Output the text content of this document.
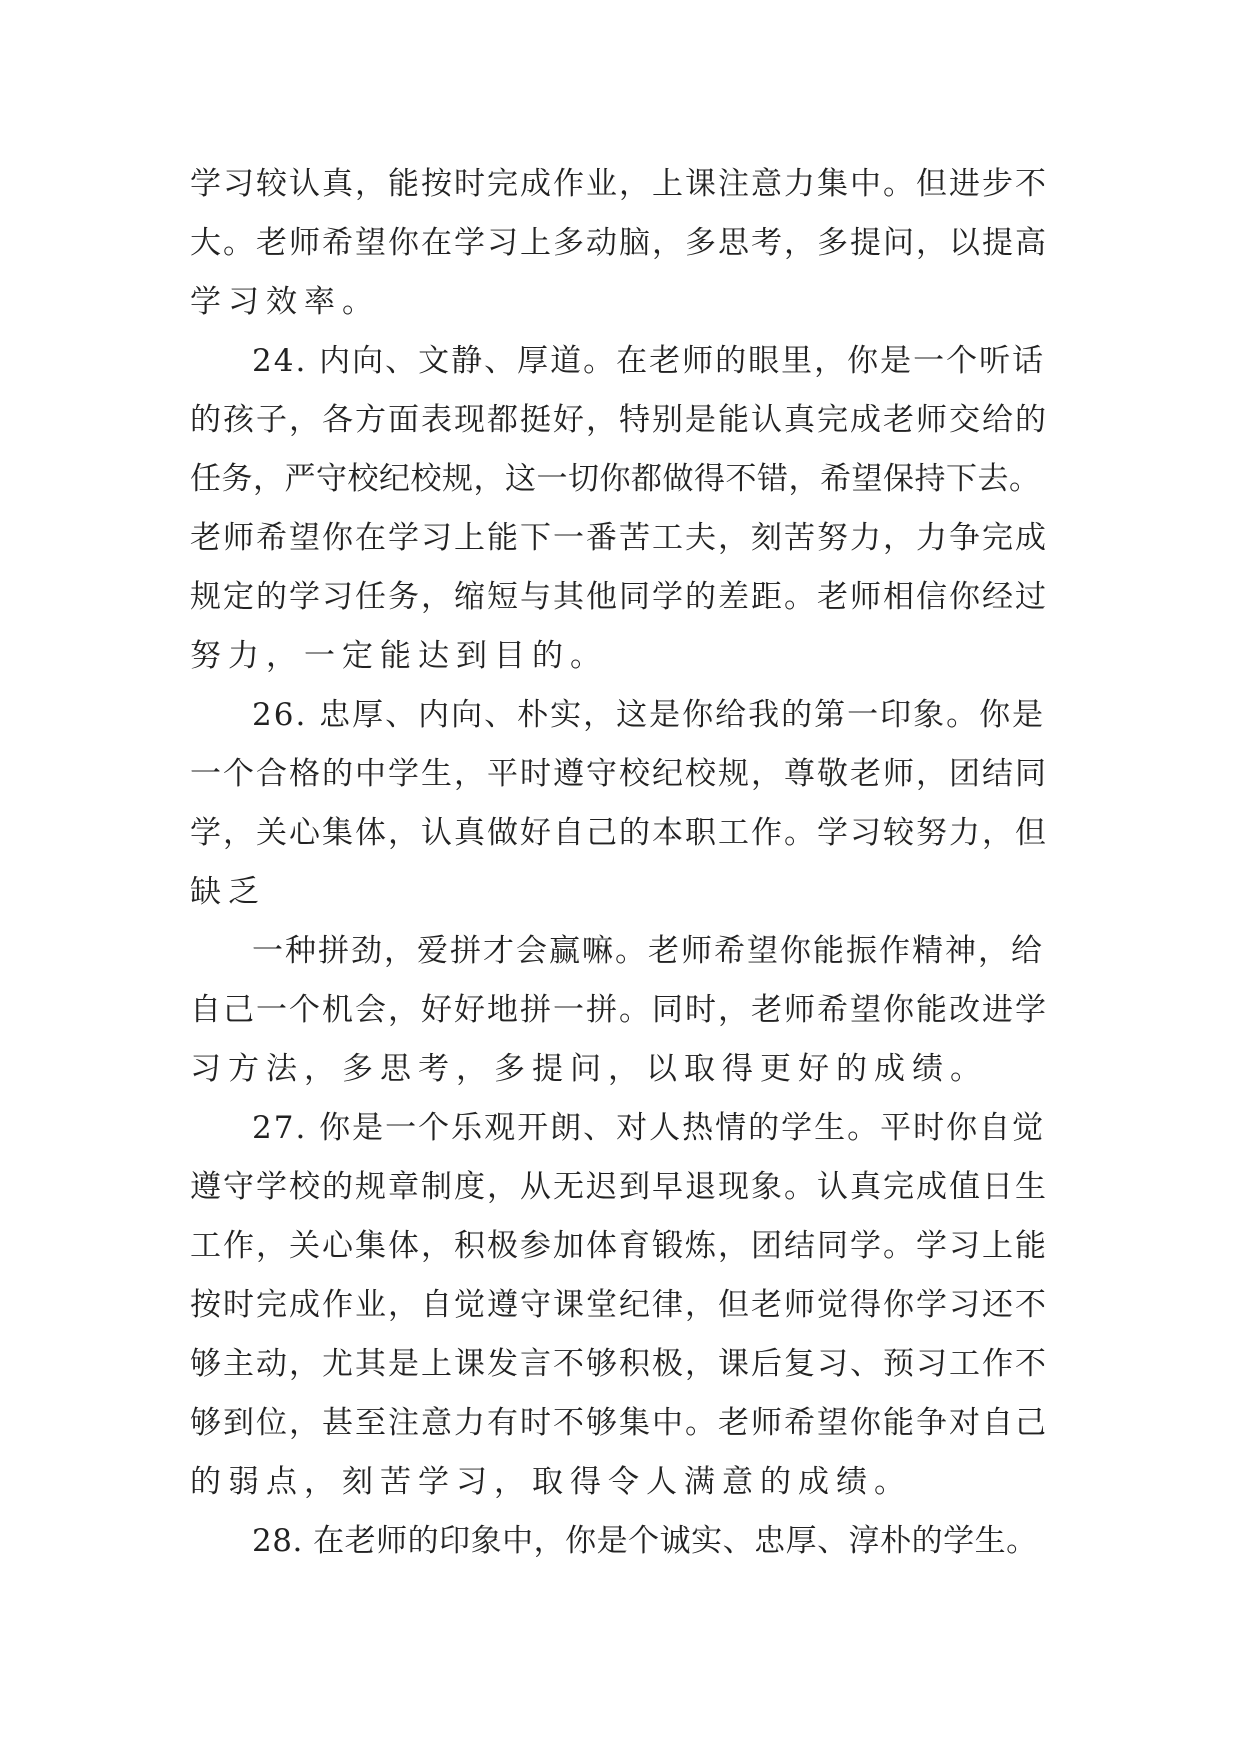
学习较认真，能按时完成作业，上课注意力集中。但进步不
大。老师希望你在学习上多动脑，多思考，多提问，以提高
学习效率。
24. 内向、文静、厚道。在老师的眼里，你是一个听话
的孩子，各方面表现都挺好，特别是能认真完成老师交给的
任务，严守校纪校规，这一切你都做得不错，希望保持下去。
老师希望你在学习上能下一番苦工夫，刻苦努力，力争完成
规定的学习任务，缩短与其他同学的差距。老师相信你经过
努力，一定能达到目的。
26. 忠厚、内向、朴实，这是你给我的第一印象。你是
一个合格的中学生，平时遵守校纪校规，尊敬老师，团结同
学，关心集体，认真做好自己的本职工作。学习较努力，但
缺乏
一种拼劲，爱拼才会赢嘛。老师希望你能振作精神，给
自己一个机会，好好地拼一拼。同时，老师希望你能改进学
习方法，多思考，多提问，以取得更好的成绩。
27. 你是一个乐观开朗、对人热情的学生。平时你自觉
遵守学校的规章制度，从无迟到早退现象。认真完成值日生
工作，关心集体，积极参加体育锻炼，团结同学。学习上能
按时完成作业，自觉遵守课堂纪律，但老师觉得你学习还不
够主动，尤其是上课发言不够积极，课后复习、预习工作不
够到位，甚至注意力有时不够集中。老师希望你能争对自己
的弱点，刻苦学习，取得令人满意的成绩。
28. 在老师的印象中，你是个诚实、忠厚、淳朴的学生。
